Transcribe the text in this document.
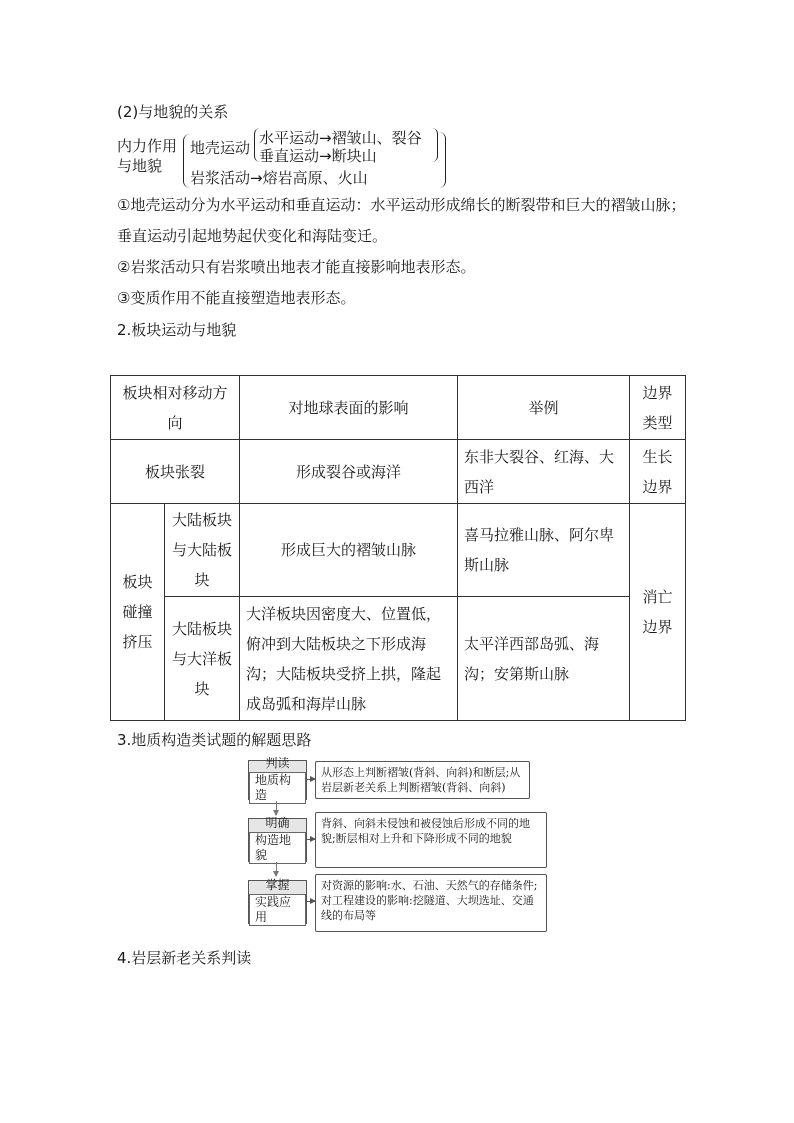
(2)与地貌的关系
内力作用
与地貌
地壳运动
水平运动→褶皱山、裂谷
垂直运动→断块山
岩浆活动→熔岩高原、火山
①地壳运动分为水平运动和垂直运动：水平运动形成绵长的断裂带和巨大的褶皱山脉；垂直运动引起地势起伏变化和海陆变迁。
②岩浆活动只有岩浆喷出地表才能直接影响地表形态。
③变质作用不能直接塑造地表形态。
2.板块运动与地貌
板块相对移动方向		对地球表面的影响	举例	边界类型
板块张裂		形成裂谷或海洋	东非大裂谷、红海、大西洋	生长边界
板块碰撞挤压	大陆板块与大陆板块	形成巨大的褶皱山脉	喜马拉雅山脉、阿尔卑斯山脉	消亡边界
	大陆板块与大洋板块	大洋板块因密度大、位置低，俯冲到大陆板块之下形成海沟；大陆板块受挤上拱，隆起成岛弧和海岸山脉	太平洋西部岛弧、海沟；安第斯山脉	
3.地质构造类试题的解题思路
判读
地质构造
从形态上判断褶皱(背斜、向斜)和断层;从岩层新老关系上判断褶皱(背斜、向斜)
明确
构造地貌
背斜、向斜未侵蚀和被侵蚀后形成不同的地貌;断层相对上升和下降形成不同的地貌
掌握
实践应用
对资源的影响:水、石油、天然气的存储条件;对工程建设的影响:挖隧道、大坝选址、交通线的布局等
4.岩层新老关系判读
